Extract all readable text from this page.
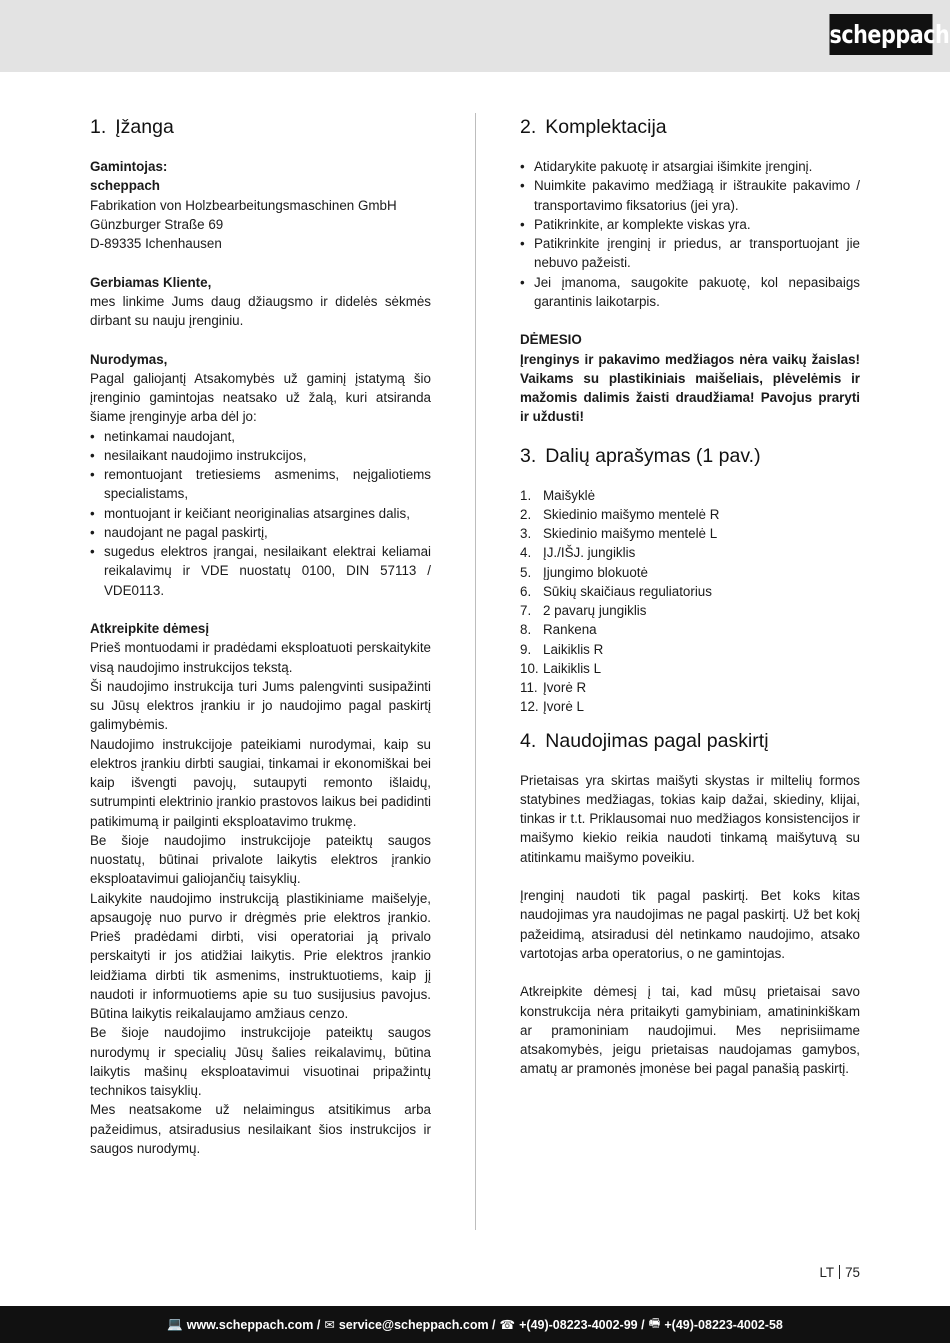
scheppach
1. Įžanga
Gamintojas:
scheppach
Fabrikation von Holzbearbeitungsmaschinen GmbH
Günzburger Straße 69
D-89335 Ichenhausen
Gerbiamas Kliente,
mes linkime Jums daug džiaugsmo ir didelės sėkmės dirbant su nauju įrenginiu.
Nurodymas,
Pagal galiojantį Atsakomybės už gaminį įstatymą šio įrenginio gamintojas neatsako už žalą, kuri atsiranda šiame įrenginyje arba dėl jo:
• netinkamai naudojant,
• nesilaikant naudojimo instrukcijos,
• remontuojant tretiesiems asmenims, neįgaliotiems specialistams,
• montuojant ir keičiant neoriginalias atsargines dalis,
• naudojant ne pagal paskirtį,
• sugedus elektros įrangai, nesilaikant elektrai keliamai reikalavimų ir VDE nuostatų 0100, DIN 57113 / VDE0113.
Atkreipkite dėmesį
Prieš montuodami ir pradėdami eksploatuoti perskaitykite visą naudojimo instrukcijos tekstą.
Ši naudojimo instrukcija turi Jums palengvinti susipažinti su Jūsų elektros įrankiu ir jo naudojimo pagal paskirtį galimybėmis.
Naudojimo instrukcijoje pateikiami nurodymai, kaip su elektros įrankiu dirbti saugiai, tinkamai ir ekonomiškai bei kaip išvengti pavojų, sutaupyti remonto išlaidų, sutrumpinti elektrinio įrankio prastovos laikus bei padidinti patikimumą ir pailginti eksploatavimo trukmę.
Be šioje naudojimo instrukcijoje pateiktų saugos nuostatų, būtinai privalote laikytis elektros įrankio eksploatavimui galiojančių taisyklių.
Laikykite naudojimo instrukciją plastikiniame maišelyje, apsaugoję nuo purvo ir drėgmės prie elektros įrankio. Prieš pradėdami dirbti, visi operatoriai ją privalo perskaityti ir jos atidžiai laikytis. Prie elektros įrankio leidžiama dirbti tik asmenims, instruktuotiems, kaip jį naudoti ir informuotiems apie su tuo susijusius pavojus. Būtina laikytis reikalaujamo amžiaus cenzo.
Be šioje naudojimo instrukcijoje pateiktų saugos nurodymų ir specialių Jūsų šalies reikalavimų, būtina laikytis mašinų eksploatavimui visuotinai pripažintų technikos taisyklių.
Mes neatsakome už nelaimingus atsitikimus arba pažeidimus, atsiradusius nesilaikant šios instrukcijos ir saugos nurodymų.
2. Komplektacija
• Atidarykite pakuotę ir atsargiai išimkite įrenginį.
• Nuimkite pakavimo medžiagą ir ištraukite pakavimo / transportavimo fiksatorius (jei yra).
• Patikrinkite, ar komplekte viskas yra.
• Patikrinkite įrenginį ir priedus, ar transportuojant jie nebuvo pažeisti.
• Jei įmanoma, saugokite pakuotę, kol nepasibaigs garantinis laikotarpis.
DĖMESIO
Įrenginys ir pakavimo medžiagos nėra vaikų žaislas! Vaikams su plastikiniais maišeliais, plėvelėmis ir mažomis dalimis žaisti draudžiama! Pavojus praryti ir uždusti!
3. Dalių aprašymas (1 pav.)
1. Maišyklė
2. Skiedinio maišymo mentelė R
3. Skiedinio maišymo mentelė L
4. ĮJ./IŠJ. jungiklis
5. Įjungimo blokuotė
6. Sūkių skaičiaus reguliatorius
7. 2 pavarų jungiklis
8. Rankena
9. Laikiklis R
10. Laikiklis L
11. Įvorė R
12. Įvorė L
4. Naudojimas pagal paskirtį
Prietaisas yra skirtas maišyti skystas ir miltelių formos statybines medžiagas, tokias kaip dažai, skiediny, klijai, tinkas ir t.t. Priklausomai nuo medžiagos konsistencijos ir maišymo kiekio reikia naudoti tinkamą maišytuvą su atitinkamu maišymo poveikiu.
Įrenginį naudoti tik pagal paskirtį. Bet koks kitas naudojimas yra naudojimas ne pagal paskirtį. Už bet kokį pažeidimą, atsiradusi dėl netinkamo naudojimo, atsako vartotojas arba operatorius, o ne gamintojas.
Atkreipkite dėmesį į tai, kad mūsų prietaisai savo konstrukcija nėra pritaikyti gamybiniam, amatininkiškam ar pramoniniam naudojimui. Mes neprisiimame atsakomybės, jeigu prietaisas naudojamas gamybos, amatų ar pramonės įmonėse bei pagal panašią paskirtį.
LT 75
💻 www.scheppach.com / ✉ service@scheppach.com / ☎ +(49)-08223-4002-99 / 🖷 +(49)-08223-4002-58
